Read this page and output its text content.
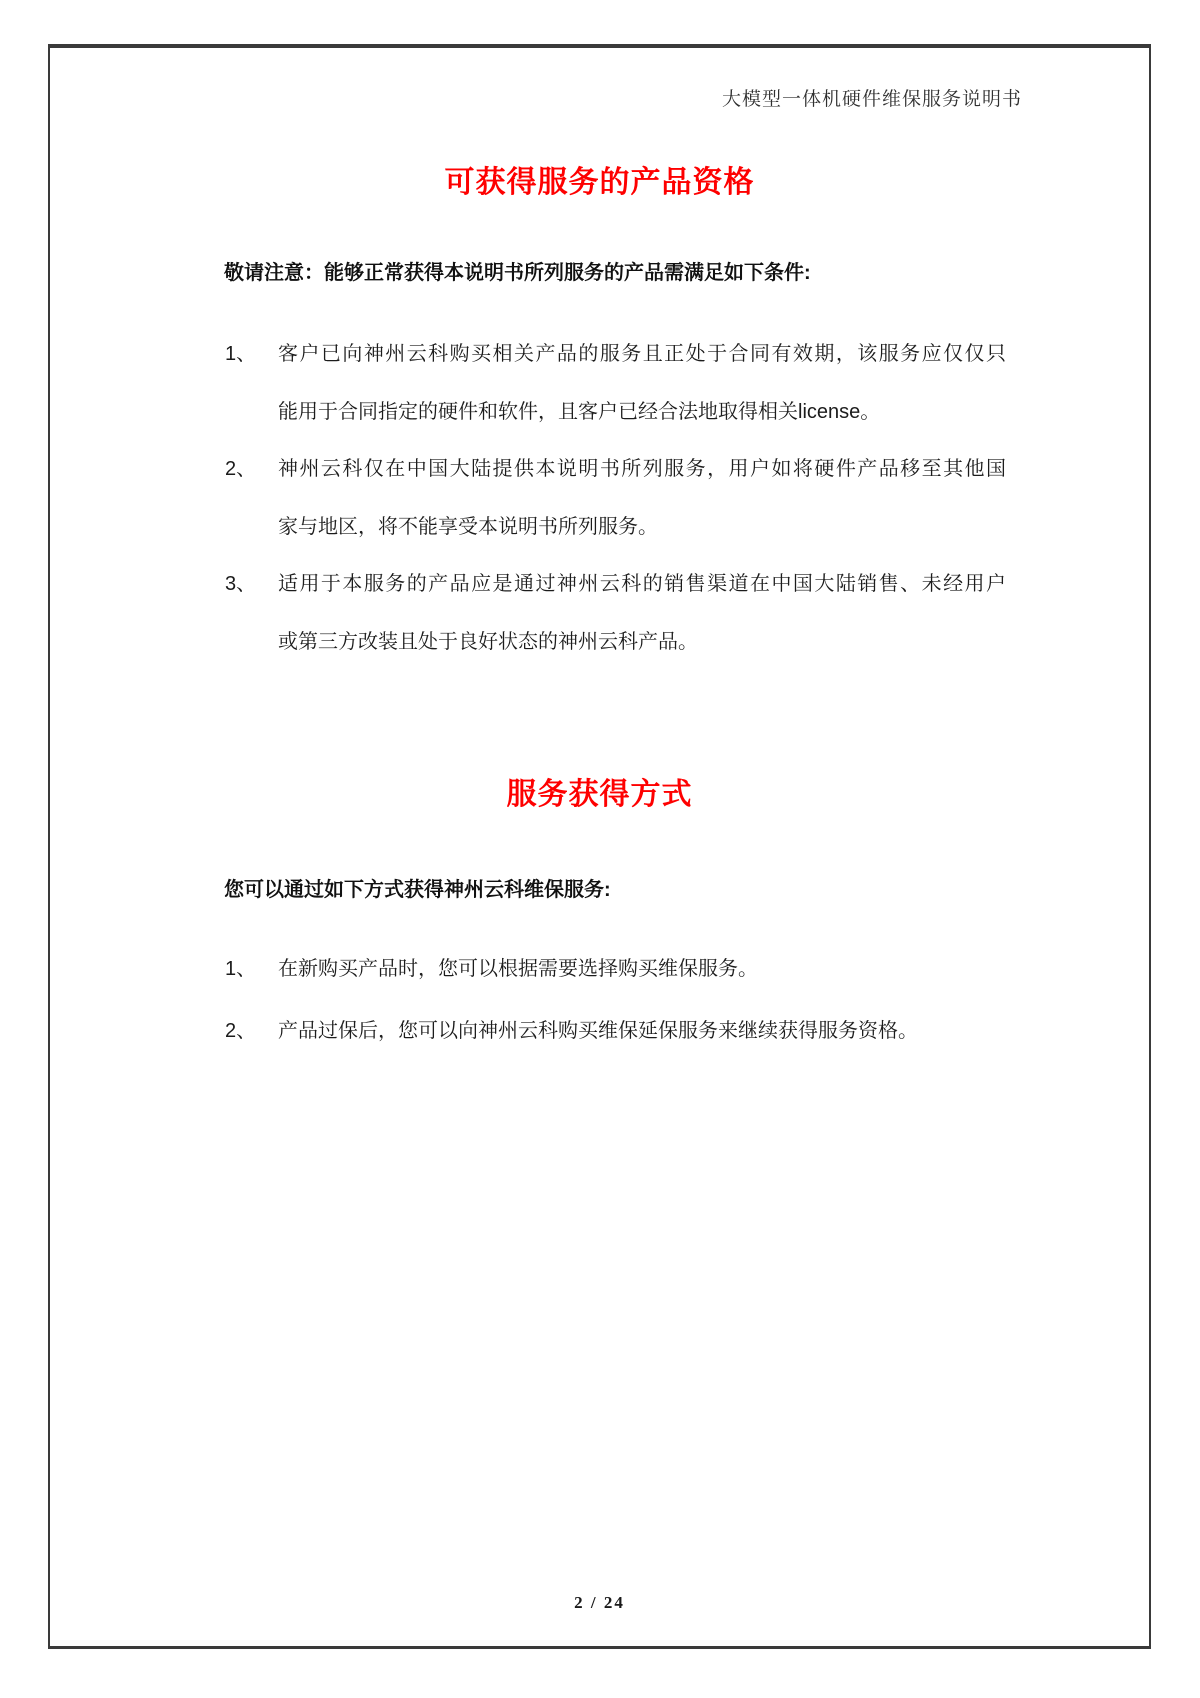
大模型一体机硬件维保服务说明书
可获得服务的产品资格
敬请注意：能够正常获得本说明书所列服务的产品需满足如下条件:
1、 客户已向神州云科购买相关产品的服务且正处于合同有效期，该服务应仅仅只
能用于合同指定的硬件和软件，且客户已经合法地取得相关license。
2、 神州云科仅在中国大陆提供本说明书所列服务，用户如将硬件产品移至其他国
家与地区，将不能享受本说明书所列服务。
3、 适用于本服务的产品应是通过神州云科的销售渠道在中国大陆销售、未经用户
或第三方改装且处于良好状态的神州云科产品。
服务获得方式
您可以通过如下方式获得神州云科维保服务:
1、 在新购买产品时，您可以根据需要选择购买维保服务。
2、 产品过保后，您可以向神州云科购买维保延保服务来继续获得服务资格。
2 / 24
